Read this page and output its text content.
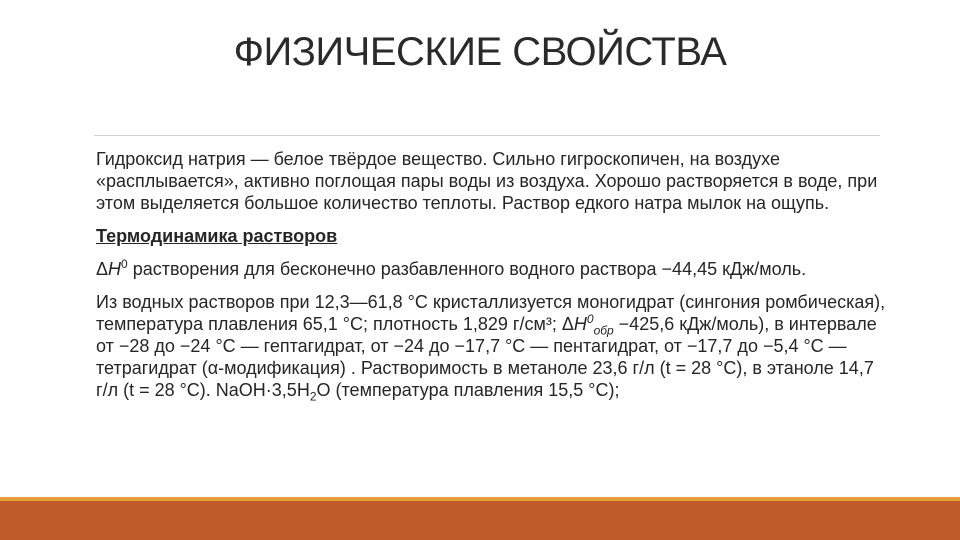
ФИЗИЧЕСКИЕ СВОЙСТВА

Гидроксид натрия — белое твёрдое вещество. Сильно гигроскопичен, на воздухе «расплывается», активно поглощая пары воды из воздуха. Хорошо растворяется в воде, при этом выделяется большое количество теплоты. Раствор едкого натра мылок на ощупь.

Термодинамика растворов

$\Delta H^0$ растворения для бесконечно разбавленного водного раствора −44,45 кДж/моль.

Из водных растворов при 12,3—61,8 °C кристаллизуется моногидрат (сингония ромбическая), температура плавления 65,1 °C; плотность 1,829 г/см³; $\Delta H^0_{обр} -425,6$ кДж/моль), в интервале от −28 до −24 °C — гептагидрат, от −24 до −17,7 °C — пентагидрат, от −17,7 до −5,4 °C — тетрагидрат (α-модификация) . Растворимость в метаноле 23,6 г/л (t = 28 °C), в этаноле 14,7 г/л (t = 28 °C). $NaOH\cdot 3,5H_2O$ (температура плавления 15,5 °C);
